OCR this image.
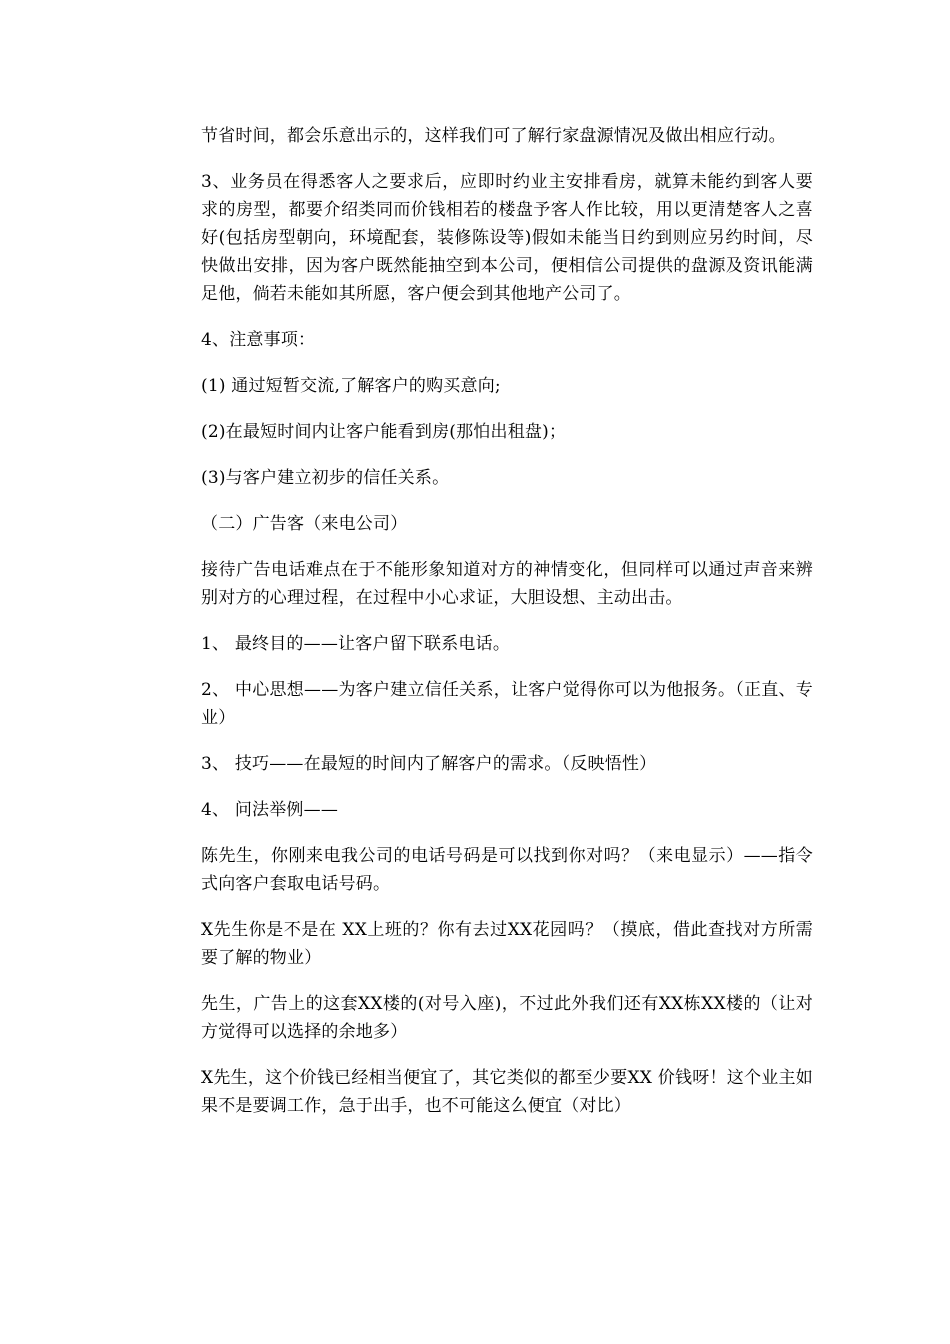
节省时间，都会乐意出示的，这样我们可了解行家盘源情况及做出相应行动。

3、业务员在得悉客人之要求后，应即时约业主安排看房，就算未能约到客人要求的房型，都要介绍类同而价钱相若的楼盘予客人作比较，用以更清楚客人之喜好(包括房型朝向，环境配套，装修陈设等)假如未能当日约到则应另约时间，尽快做出安排，因为客户既然能抽空到本公司，便相信公司提供的盘源及资讯能满足他，倘若未能如其所愿，客户便会到其他地产公司了。

4、注意事项：

(1) 通过短暂交流,了解客户的购买意向;

(2)在最短时间内让客户能看到房(那怕出租盘)；

(3)与客户建立初步的信任关系。

（二）广告客（来电公司）

接待广告电话难点在于不能形象知道对方的神情变化，但同样可以通过声音来辨别对方的心理过程，在过程中小心求证，大胆设想、主动出击。

1、 最终目的——让客户留下联系电话。

2、 中心思想——为客户建立信任关系，让客户觉得你可以为他报务。（正直、专业）

3、 技巧——在最短的时间内了解客户的需求。（反映悟性）

4、 问法举例——

陈先生，你刚来电我公司的电话号码是可以找到你对吗？（来电显示）——指令式向客户套取电话号码。

X先生你是不是在 XX上班的？你有去过XX花园吗？（摸底，借此查找对方所需要了解的物业）

先生，广告上的这套XX楼的(对号入座)，不过此外我们还有XX栋XX楼的（让对方觉得可以选择的余地多）

X先生，这个价钱已经相当便宜了，其它类似的都至少要XX 价钱呀！这个业主如果不是要调工作，急于出手，也不可能这么便宜（对比）
